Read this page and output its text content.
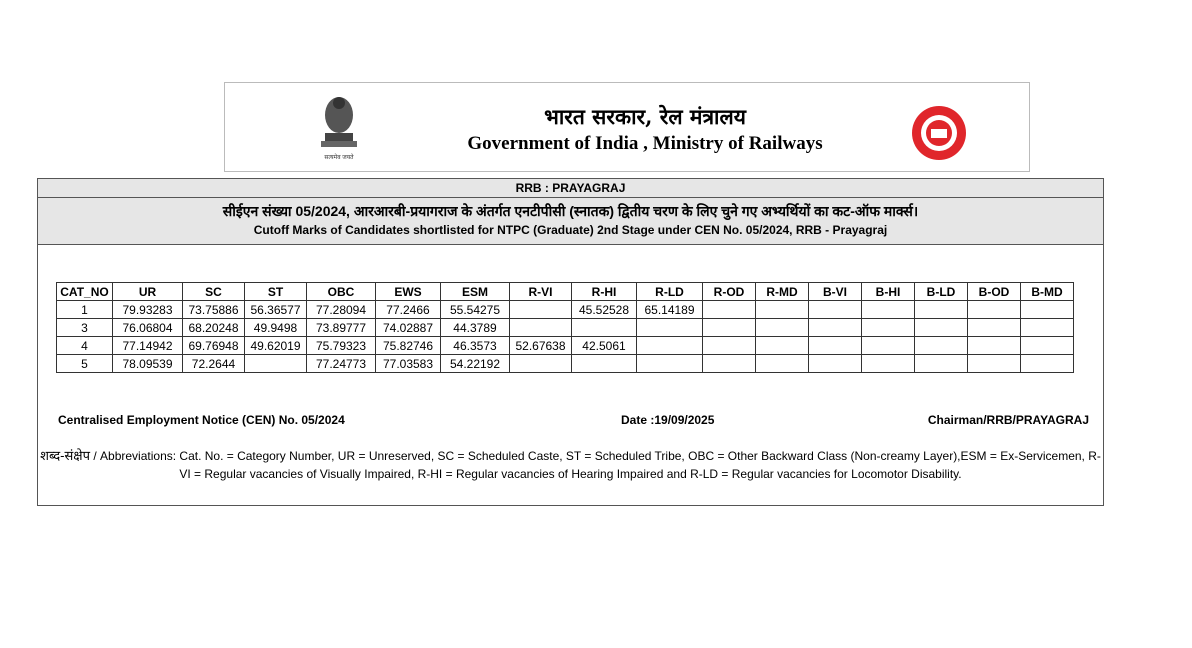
सत्यमेव जयते
भारत सरकार, रेल मंत्रालय
Government of India , Ministry of Railways
RRB : PRAYAGRAJ
सीईएन संख्या 05/2024, आरआरबी-प्रयागराज के अंतर्गत एनटीपीसी (स्नातक) द्वितीय चरण के लिए चुने गए अभ्यर्थियों का कट-ऑफ मार्क्स।
Cutoff Marks of Candidates shortlisted for NTPC (Graduate) 2nd Stage under CEN No. 05/2024, RRB - Prayagraj
CAT_NO	UR	SC	ST	OBC	EWS	ESM	R-VI	R-HI	R-LD	R-OD	R-MD	B-VI	B-HI	B-LD	B-OD	B-MD
1	79.93283	73.75886	56.36577	77.28094	77.2466	55.54275		45.52528	65.14189							
3	76.06804	68.20248	49.9498	73.89777	74.02887	44.3789										
4	77.14942	69.76948	49.62019	75.79323	75.82746	46.3573	52.67638	42.5061								
5	78.09539	72.2644		77.24773	77.03583	54.22192										
Centralised Employment Notice (CEN) No. 05/2024	Date :19/09/2025	Chairman/RRB/PRAYAGRAJ
शब्द-संक्षेप / Abbreviations: Cat. No. = Category Number, UR = Unreserved, SC = Scheduled Caste, ST = Scheduled Tribe, OBC = Other Backward Class (Non-creamy Layer),ESM = Ex-Servicemen, R-VI = Regular vacancies of Visually Impaired, R-HI = Regular vacancies of Hearing Impaired and R-LD = Regular vacancies for Locomotor Disability.
